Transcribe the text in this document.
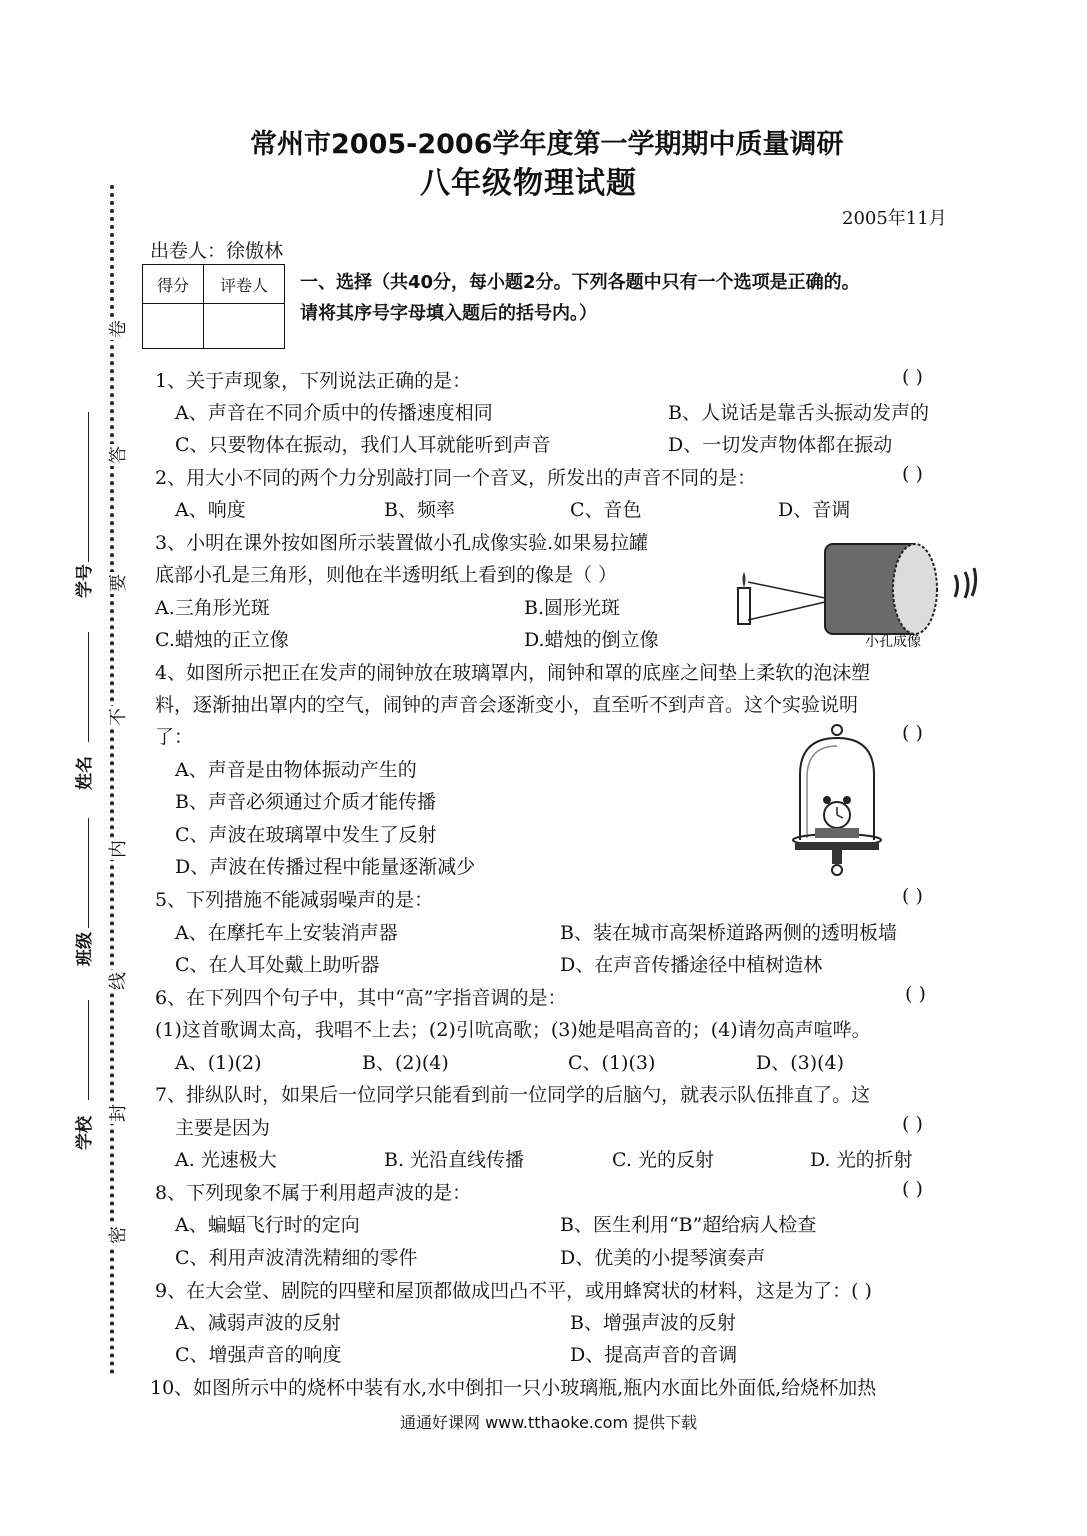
卷
答
要
不
内
线
封
密
学号
姓名
班级
学校
常州市2005-2006学年度第一学期期中质量调研
八年级物理试题
2005年11月
出卷人：徐傲林
得分	评卷人
	一、选择（共40分，每小题2分。下列各题中只有一个选项是正确的。
请将其序号字母填入题后的括号内。）
1、关于声现象，下列说法正确的是：	( )
A、声音在不同介质中的传播速度相同	B、人说话是靠舌头振动发声的
C、只要物体在振动，我们人耳就能听到声音	D、一切发声物体都在振动
2、用大小不同的两个力分别敲打同一个音叉，所发出的声音不同的是：	( )
A、响度	B、频率	C、音色	D、音调
3、小明在课外按如图所示装置做小孔成像实验.如果易拉罐
底部小孔是三角形，则他在半透明纸上看到的像是（ ）
A.三角形光斑	B.圆形光斑
C.蜡烛的正立像	D.蜡烛的倒立像	小孔成像
4、如图所示把正在发声的闹钟放在玻璃罩内，闹钟和罩的底座之间垫上柔软的泡沫塑
料，逐渐抽出罩内的空气，闹钟的声音会逐渐变小，直至听不到声音。这个实验说明
了：	( )
A、声音是由物体振动产生的
B、声音必须通过介质才能传播
C、声波在玻璃罩中发生了反射
D、声波在传播过程中能量逐渐减少
5、下列措施不能减弱噪声的是：	( )
A、在摩托车上安装消声器	B、装在城市高架桥道路两侧的透明板墙
C、在人耳处戴上助听器	D、在声音传播途径中植树造林
6、在下列四个句子中，其中“高”字指音调的是：	( )
(1)这首歌调太高，我唱不上去；(2)引吭高歌；(3)她是唱高音的；(4)请勿高声喧哗。
A、(1)(2)	B、(2)(4)	C、(1)(3)	D、(3)(4)
7、排纵队时，如果后一位同学只能看到前一位同学的后脑勺，就表示队伍排直了。这
主要是因为	( )
A. 光速极大	B. 光沿直线传播	C. 光的反射	D. 光的折射
8、下列现象不属于利用超声波的是：	( )
A、蝙蝠飞行时的定向	B、医生利用“B”超给病人检查
C、利用声波清洗精细的零件	D、优美的小提琴演奏声
9、在大会堂、剧院的四壁和屋顶都做成凹凸不平，或用蜂窝状的材料，这是为了：( )
A、减弱声波的反射	B、增强声波的反射
C、增强声音的响度	D、提高声音的音调
10、如图所示中的烧杯中装有水,水中倒扣一只小玻璃瓶,瓶内水面比外面低,给烧杯加热
通通好课网 www.tthaoke.com 提供下载
